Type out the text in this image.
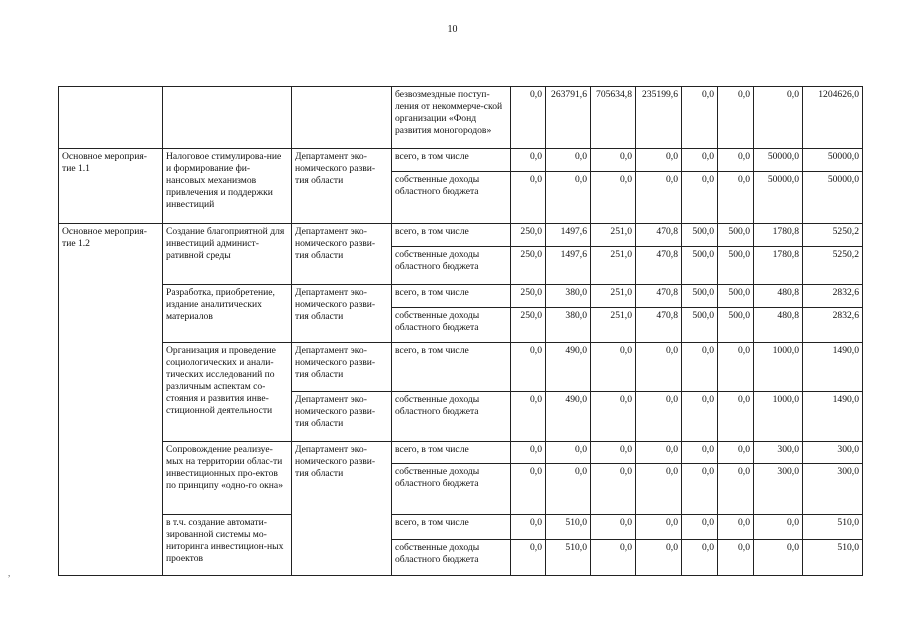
10
			безвозмездные поступ-ления от некоммерче-ской организации «Фонд развития моногородов»	0,0	263791,6	705634,8	235199,6	0,0	0,0	0,0	1204626,0
Основное мероприя-тие 1.1	Налоговое стимулирова-ние и формирование фи-нансовых механизмов привлечения и поддержки инвестиций	Департамент эко-номического разви-тия области	всего, в том числе	0,0	0,0	0,0	0,0	0,0	0,0	50000,0	50000,0
			собственные доходы областного бюджета	0,0	0,0	0,0	0,0	0,0	0,0	50000,0	50000,0
Основное мероприя-тие 1.2	Создание благоприятной для инвестиций админист-ративной среды	Департамент эко-номического разви-тия области	всего, в том числе	250,0	1497,6	251,0	470,8	500,0	500,0	1780,8	5250,2
			собственные доходы областного бюджета	250,0	1497,6	251,0	470,8	500,0	500,0	1780,8	5250,2
	Разработка, приобретение, издание аналитических материалов	Департамент эко-номического разви-тия области	всего, в том числе	250,0	380,0	251,0	470,8	500,0	500,0	480,8	2832,6
			собственные доходы областного бюджета	250,0	380,0	251,0	470,8	500,0	500,0	480,8	2832,6
	Организация и проведение социологических и анали-тических исследований по различным аспектам со-стояния и развития инве-стиционной деятельности	Департамент эко-номического разви-тия области	всего, в том числе	0,0	490,0	0,0	0,0	0,0	0,0	1000,0	1490,0
		Департамент эко-номического разви-тия области	собственные доходы областного бюджета	0,0	490,0	0,0	0,0	0,0	0,0	1000,0	1490,0
	Сопровождение реализуе-мых на территории облас-ти инвестиционных про-ектов по принципу «одно-го окна»	Департамент эко-номического разви-тия области	всего, в том числе	0,0	0,0	0,0	0,0	0,0	0,0	300,0	300,0
			собственные доходы областного бюджета	0,0	0,0	0,0	0,0	0,0	0,0	300,0	300,0
	в т.ч. создание автомати-зированной системы мо-ниторинга инвестицион-ных проектов		всего, в том числе	0,0	510,0	0,0	0,0	0,0	0,0	0,0	510,0
			собственные доходы областного бюджета	0,0	510,0	0,0	0,0	0,0	0,0	0,0	510,0
,
